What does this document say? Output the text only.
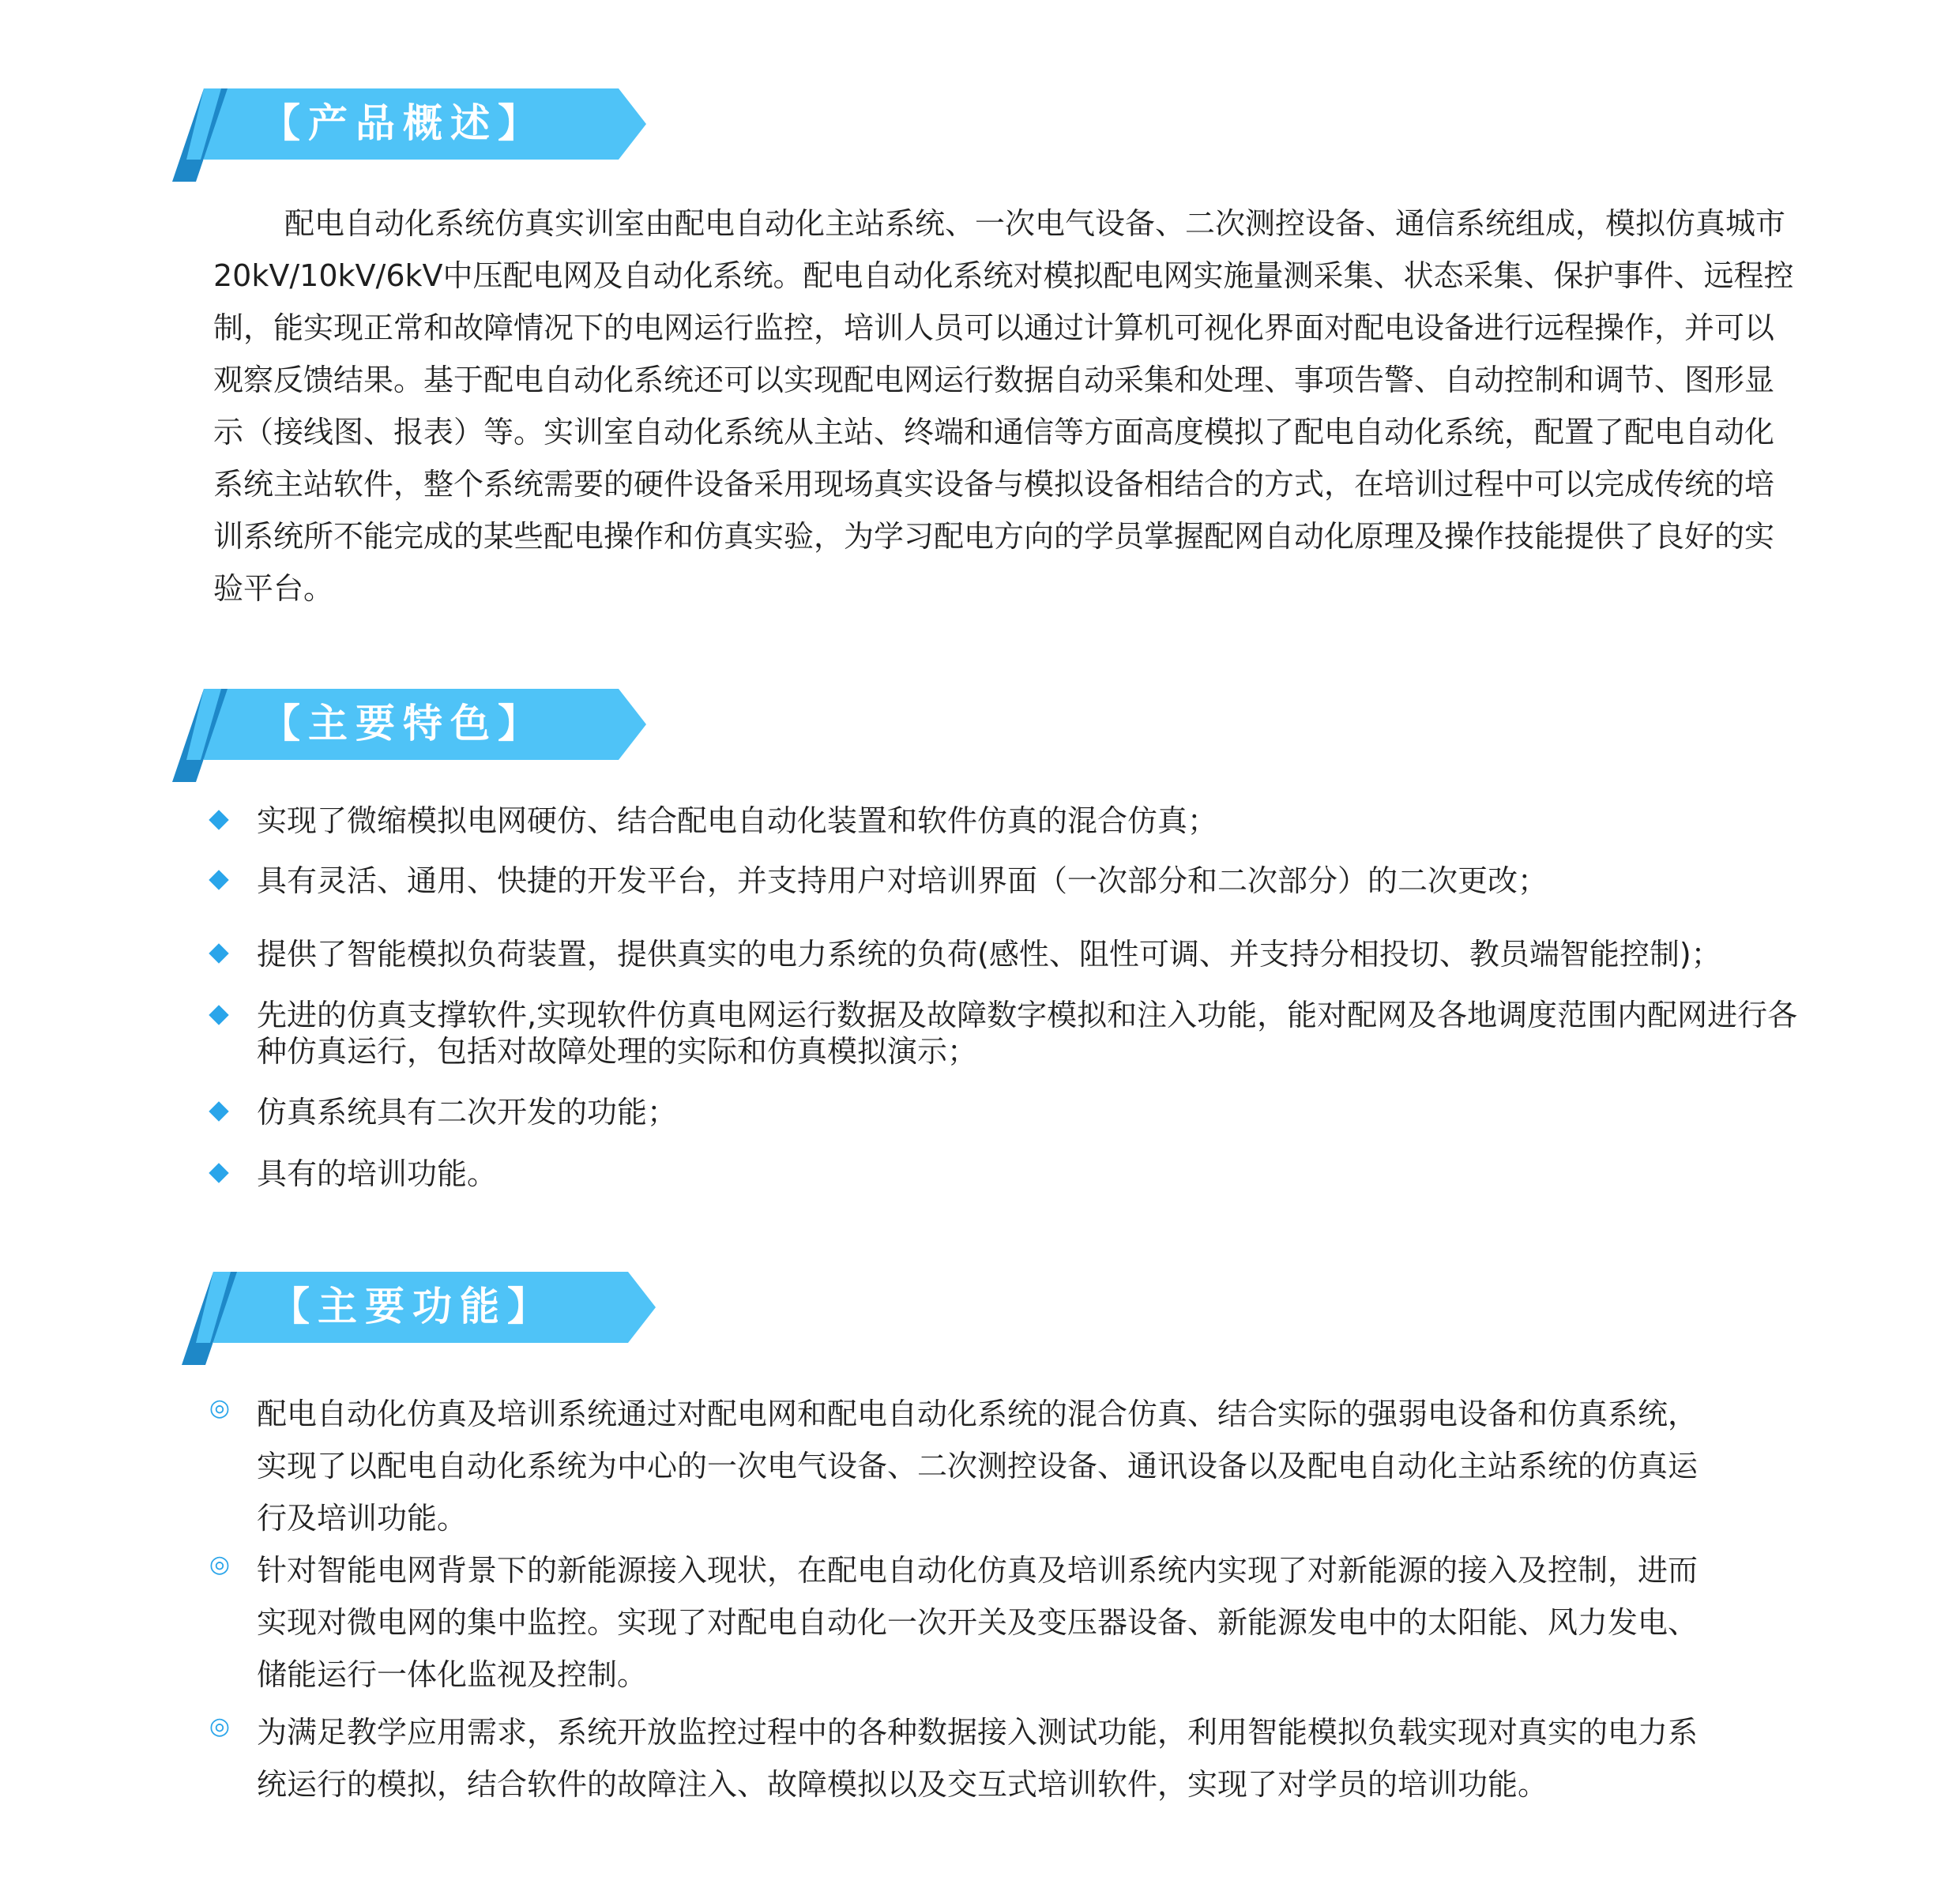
【产品概述】

配电自动化系统仿真实训室由配电自动化主站系统、一次电气设备、二次测控设备、通信系统组成，模拟仿真城市20kV/10kV/6kV中压配电网及自动化系统。配电自动化系统对模拟配电网实施量测采集、状态采集、保护事件、远程控制，能实现正常和故障情况下的电网运行监控，培训人员可以通过计算机可视化界面对配电设备进行远程操作，并可以观察反馈结果。基于配电自动化系统还可以实现配电网运行数据自动采集和处理、事项告警、自动控制和调节、图形显示（接线图、报表）等。实训室自动化系统从主站、终端和通信等方面高度模拟了配电自动化系统，配置了配电自动化系统主站软件，整个系统需要的硬件设备采用现场真实设备与模拟设备相结合的方式，在培训过程中可以完成传统的培训系统所不能完成的某些配电操作和仿真实验，为学习配电方向的学员掌握配网自动化原理及操作技能提供了良好的实验平台。

【主要特色】

实现了微缩模拟电网硬仿、结合配电自动化装置和软件仿真的混合仿真；

具有灵活、通用、快捷的开发平台，并支持用户对培训界面（一次部分和二次部分）的二次更改；

提供了智能模拟负荷装置，提供真实的电力系统的负荷(感性、阻性可调、并支持分相投切、教员端智能控制)；

先进的仿真支撑软件,实现软件仿真电网运行数据及故障数字模拟和注入功能，能对配网及各地调度范围内配网进行各种仿真运行，包括对故障处理的实际和仿真模拟演示；

仿真系统具有二次开发的功能；

具有的培训功能。

【主要功能】
◎ 配电自动化仿真及培训系统通过对配电网和配电自动化系统的混合仿真、结合实际的强弱电设备和仿真系统，实现了以配电自动化系统为中心的一次电气设备、二次测控设备、通讯设备以及配电自动化主站系统的仿真运行及培训功能。

◎ 针对智能电网背景下的新能源接入现状，在配电自动化仿真及培训系统内实现了对新能源的接入及控制，进而实现对微电网的集中监控。实现了对配电自动化一次开关及变压器设备、新能源发电中的太阳能、风力发电、储能运行一体化监视及控制。

◎ 为满足教学应用需求，系统开放监控过程中的各种数据接入测试功能，利用智能模拟负载实现对真实的电力系统运行的模拟，结合软件的故障注入、故障模拟以及交互式培训软件，实现了对学员的培训功能。
